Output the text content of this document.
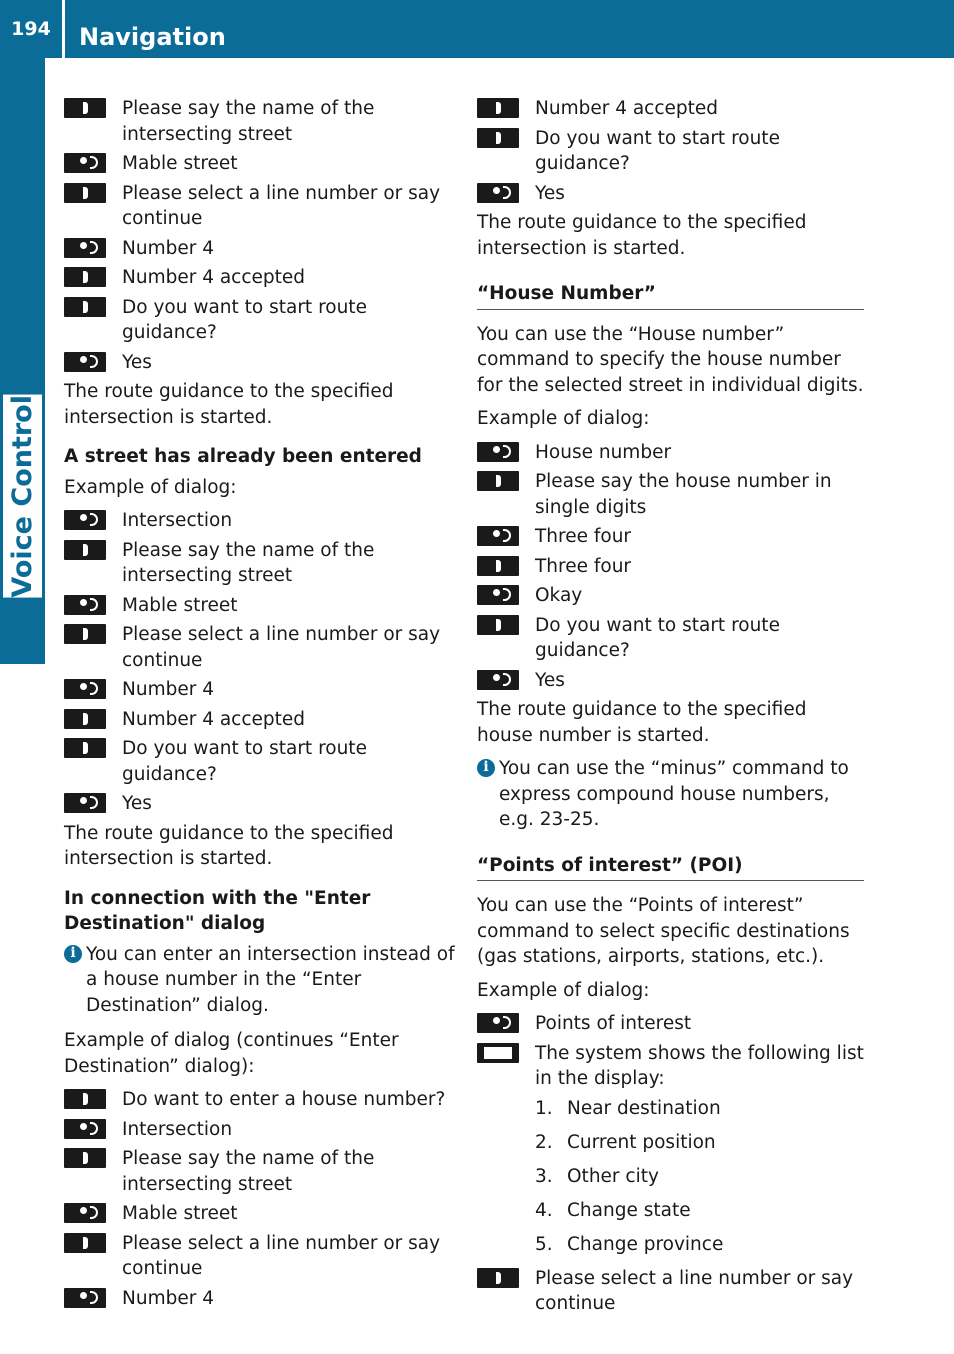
194	Navigation
Voice Control
Please say the name of the intersecting street
Mable street
Please select a line number or say continue
Number 4
Number 4 accepted
Do you want to start route guidance?
Yes
The route guidance to the specified intersection is started.
A street has already been entered
Example of dialog:
Intersection
Please say the name of the intersecting street
Mable street
Please select a line number or say continue
Number 4
Number 4 accepted
Do you want to start route guidance?
Yes
The route guidance to the specified intersection is started.
In connection with the "Enter Destination" dialog
i You can enter an intersection instead of a house number in the “Enter Destination” dialog.
Example of dialog (continues “Enter Destination” dialog):
Do want to enter a house number?
Intersection
Please say the name of the intersecting street
Mable street
Please select a line number or say continue
Number 4
Number 4 accepted
Do you want to start route guidance?
Yes
The route guidance to the specified intersection is started.
“House Number”
You can use the “House number” command to specify the house number for the selected street in individual digits.
Example of dialog:
House number
Please say the house number in single digits
Three four
Three four
Okay
Do you want to start route guidance?
Yes
The route guidance to the specified house number is started.
i You can use the “minus” command to express compound house numbers, e.g. 23-25.
“Points of interest” (POI)
You can use the “Points of interest” command to select specific destinations (gas stations, airports, stations, etc.).
Example of dialog:
Points of interest
The system shows the following list in the display:
1. Near destination
2. Current position
3. Other city
4. Change state
5. Change province
Please select a line number or say continue
